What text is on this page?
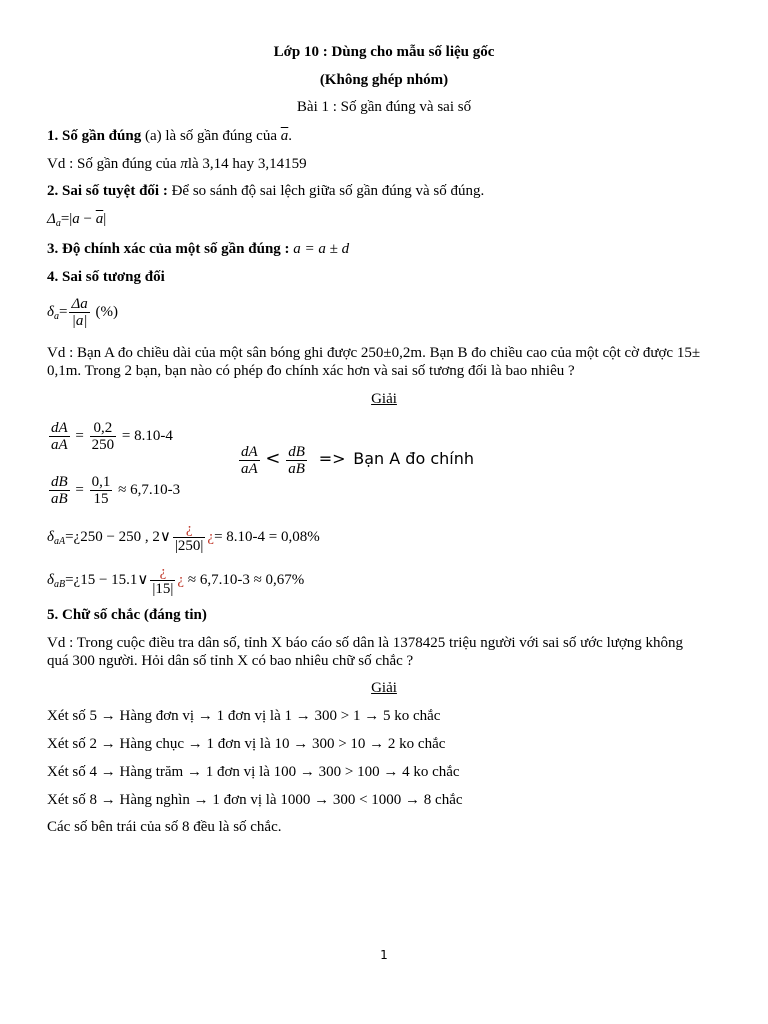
Lớp 10 : Dùng cho mẫu số liệu gốc
(Không ghép nhóm)
Bài 1 : Số gần đúng và sai số
1. Số gần đúng (a) là số gần đúng của $\overline{a}$.
Vd : Số gần đúng của πlà 3,14 hay 3,14159
2. Sai số tuyệt đối : Để so sánh độ sai lệch giữa số gần đúng và số đúng.
$\Delta_a=|a - \overline{a}|$
3. Độ chính xác của một số gần đúng : a = a ± d
4. Sai số tương đối
$\delta_a= \frac{\Delta a}{|a|}$ (%)
Vd : Bạn A đo chiều dài của một sân bóng ghi được 250±0,2m. Bạn B đo chiều cao của một cột cờ được 15±
0,1m. Trong 2 bạn, bạn nào có phép đo chính xác hơn và sai số tương đối là bao nhiêu ?
Giải
$\frac{dA}{aA} = \frac{0,2}{250} = 8.10-4$
$\frac{dA}{aA} < \frac{dB}{aB}$ => Bạn A đo chính
$\frac{dB}{aB} = \frac{0,1}{15} \approx 6,7.10-3$
$\delta_{aA}=¿250 - 250$ , 2∨ $\frac{¿}{|250|}$ ¿= 8.10-4 = 0,08%
$\delta_{aB}=¿15$ − 15.1∨ $\frac{¿}{|15|}$ ¿ ≈ 6,7.10-3 ≈ 0,67%
5. Chữ số chắc (đáng tin)
Vd : Trong cuộc điều tra dân số, tỉnh X báo cáo số dân là 1378425 triệu người với sai số ước lượng không
quá 300 người. Hỏi dân số tỉnh X có bao nhiêu chữ số chắc ?
Giải
Xét số 5 → Hàng đơn vị → 1 đơn vị là 1 → 300 > 1 → 5 ko chắc
Xét số 2 → Hàng chục → 1 đơn vị là 10 → 300 > 10 → 2 ko chắc
Xét số 4 → Hàng trăm → 1 đơn vị là 100 → 300 > 100 → 4 ko chắc
Xét số 8 → Hàng nghìn → 1 đơn vị là 1000 → 300 < 1000 → 8 chắc
Các số bên trái của số 8 đều là số chắc.
1
